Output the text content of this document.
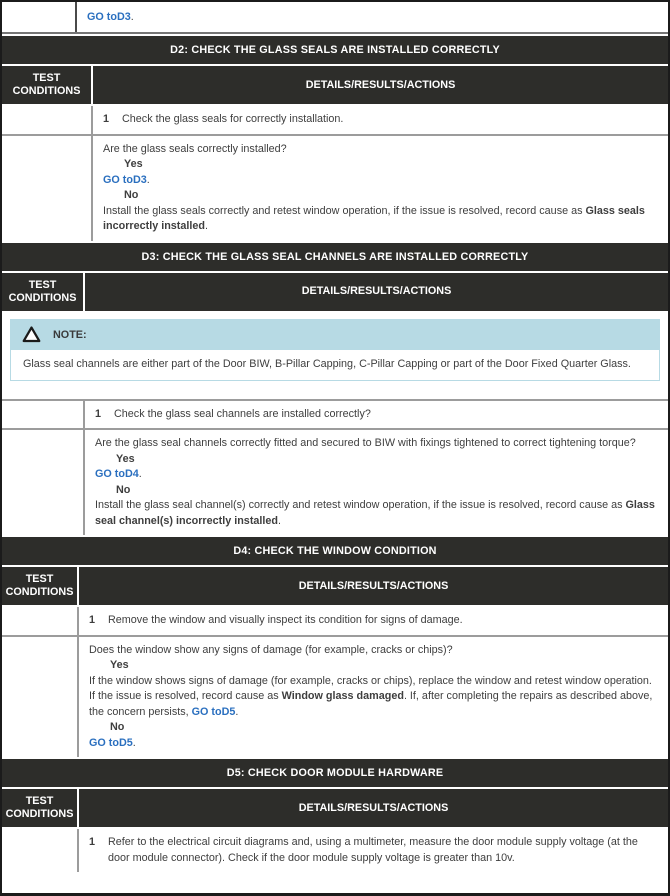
GO toD3.
D2: CHECK THE GLASS SEALS ARE INSTALLED CORRECTLY
TEST CONDITIONS
DETAILS/RESULTS/ACTIONS
1	Check the glass seals for correctly installation.
Are the glass seals correctly installed?
Yes
GO toD3.
No
Install the glass seals correctly and retest window operation, if the issue is resolved, record cause as Glass seals incorrectly installed.
D3: CHECK THE GLASS SEAL CHANNELS ARE INSTALLED CORRECTLY
TEST CONDITIONS
DETAILS/RESULTS/ACTIONS
NOTE:
Glass seal channels are either part of the Door BIW, B-Pillar Capping, C-Pillar Capping or part of the Door Fixed Quarter Glass.
1	Check the glass seal channels are installed correctly?
Are the glass seal channels correctly fitted and secured to BIW with fixings tightened to correct tightening torque?
Yes
GO toD4.
No
Install the glass seal channel(s) correctly and retest window operation, if the issue is resolved, record cause as Glass seal channel(s) incorrectly installed.
D4: CHECK THE WINDOW CONDITION
TEST CONDITIONS
DETAILS/RESULTS/ACTIONS
1	Remove the window and visually inspect its condition for signs of damage.
Does the window show any signs of damage (for example, cracks or chips)?
Yes
If the window shows signs of damage (for example, cracks or chips), replace the window and retest window operation. If the issue is resolved, record cause as Window glass damaged. If, after completing the repairs as described above, the concern persists, GO toD5.
No
GO toD5.
D5: CHECK DOOR MODULE HARDWARE
TEST CONDITIONS
DETAILS/RESULTS/ACTIONS
1	Refer to the electrical circuit diagrams and, using a multimeter, measure the door module supply voltage (at the door module connector). Check if the door module supply voltage is greater than 10v.
